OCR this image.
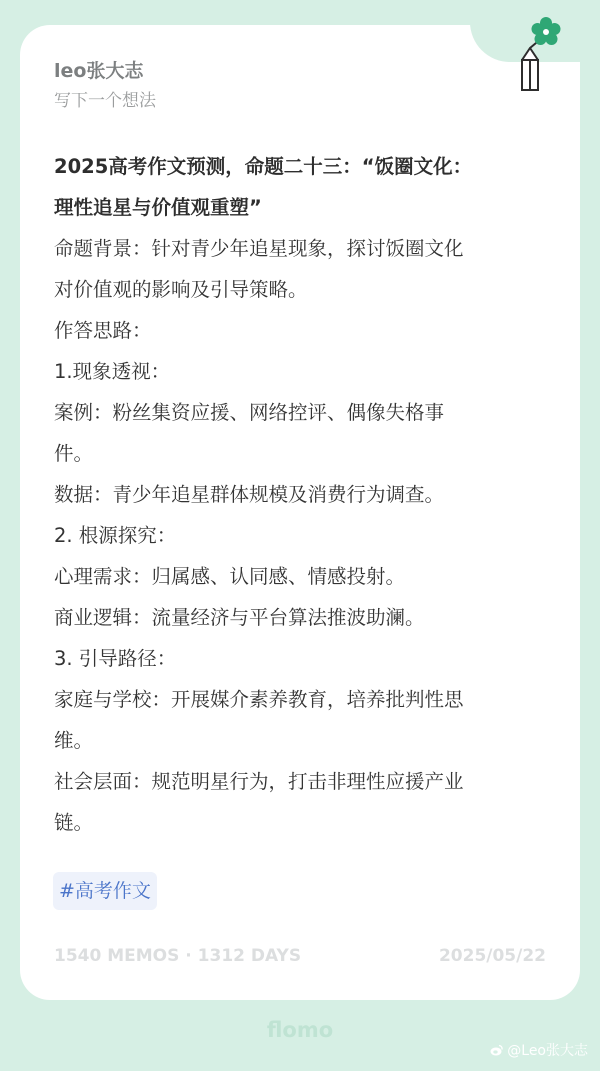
leo张大志
写下一个想法
2025高考作文预测，命题二十三：“饭圈文化：
理性追星与价值观重塑”
命题背景：针对青少年追星现象，探讨饭圈文化
对价值观的影响及引导策略。
作答思路：
1.现象透视：
案例：粉丝集资应援、网络控评、偶像失格事
件。
数据：青少年追星群体规模及消费行为调查。
2. 根源探究：
心理需求：归属感、认同感、情感投射。
商业逻辑：流量经济与平台算法推波助澜。
3. 引导路径：
家庭与学校：开展媒介素养教育，培养批判性思
维。
社会层面：规范明星行为，打击非理性应援产业
链。
#高考作文
1540 MEMOS · 1312 DAYS	2025/05/22
flomo
@Leo张大志
